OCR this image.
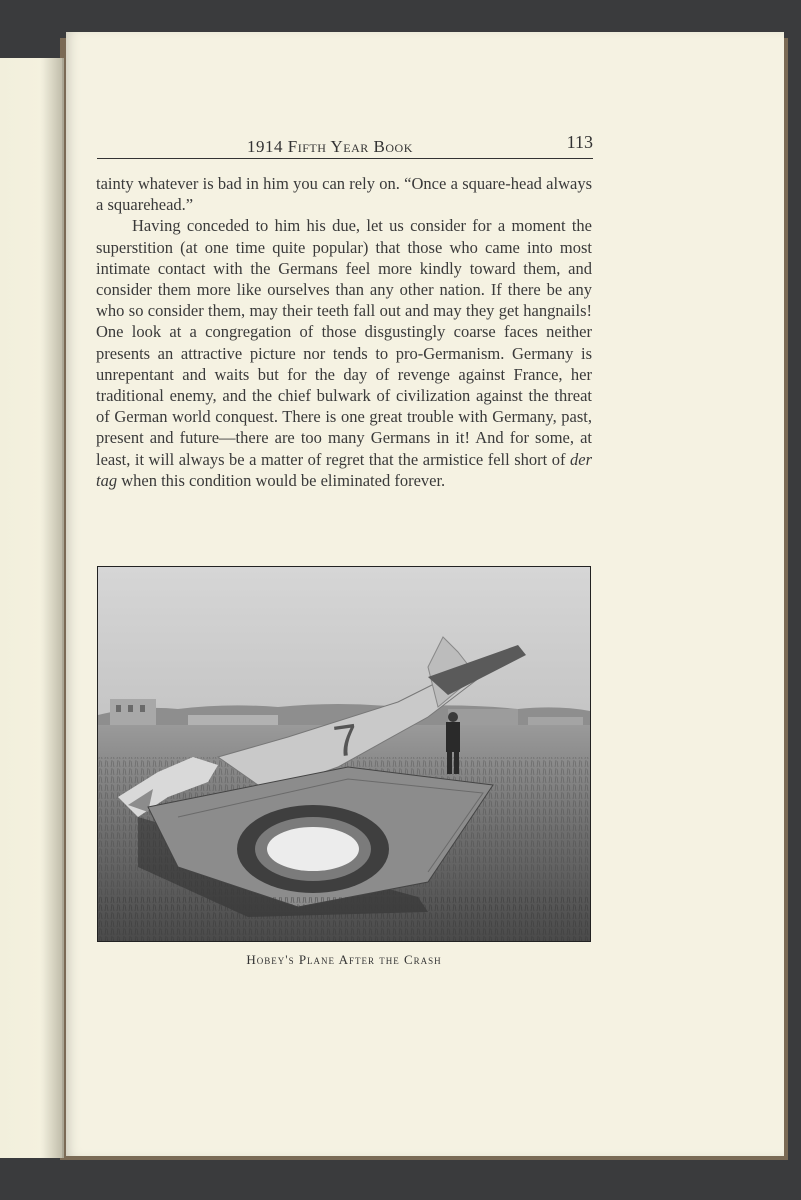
1914 Fifth Year Book	113

tainty whatever is bad in him you can rely on. “Once a square-head always a squarehead.”

Having conceded to him his due, let us consider for a moment the superstition (at one time quite popular) that those who came into most intimate contact with the Germans feel more kindly toward them, and consider them more like ourselves than any other nation. If there be any who so consider them, may their teeth fall out and may they get hangnails! One look at a congregation of those disgustingly coarse faces neither presents an attractive picture nor tends to pro-Germanism. Germany is unrepentant and waits but for the day of revenge against France, her traditional enemy, and the chief bulwark of civilization against the threat of German world conquest. There is one great trouble with Germany, past, present and future—there are too many Germans in it! And for some, at least, it will always be a matter of regret that the armistice fell short of der tag when this condition would be eliminated forever.

7
Hobey's Plane After the Crash
